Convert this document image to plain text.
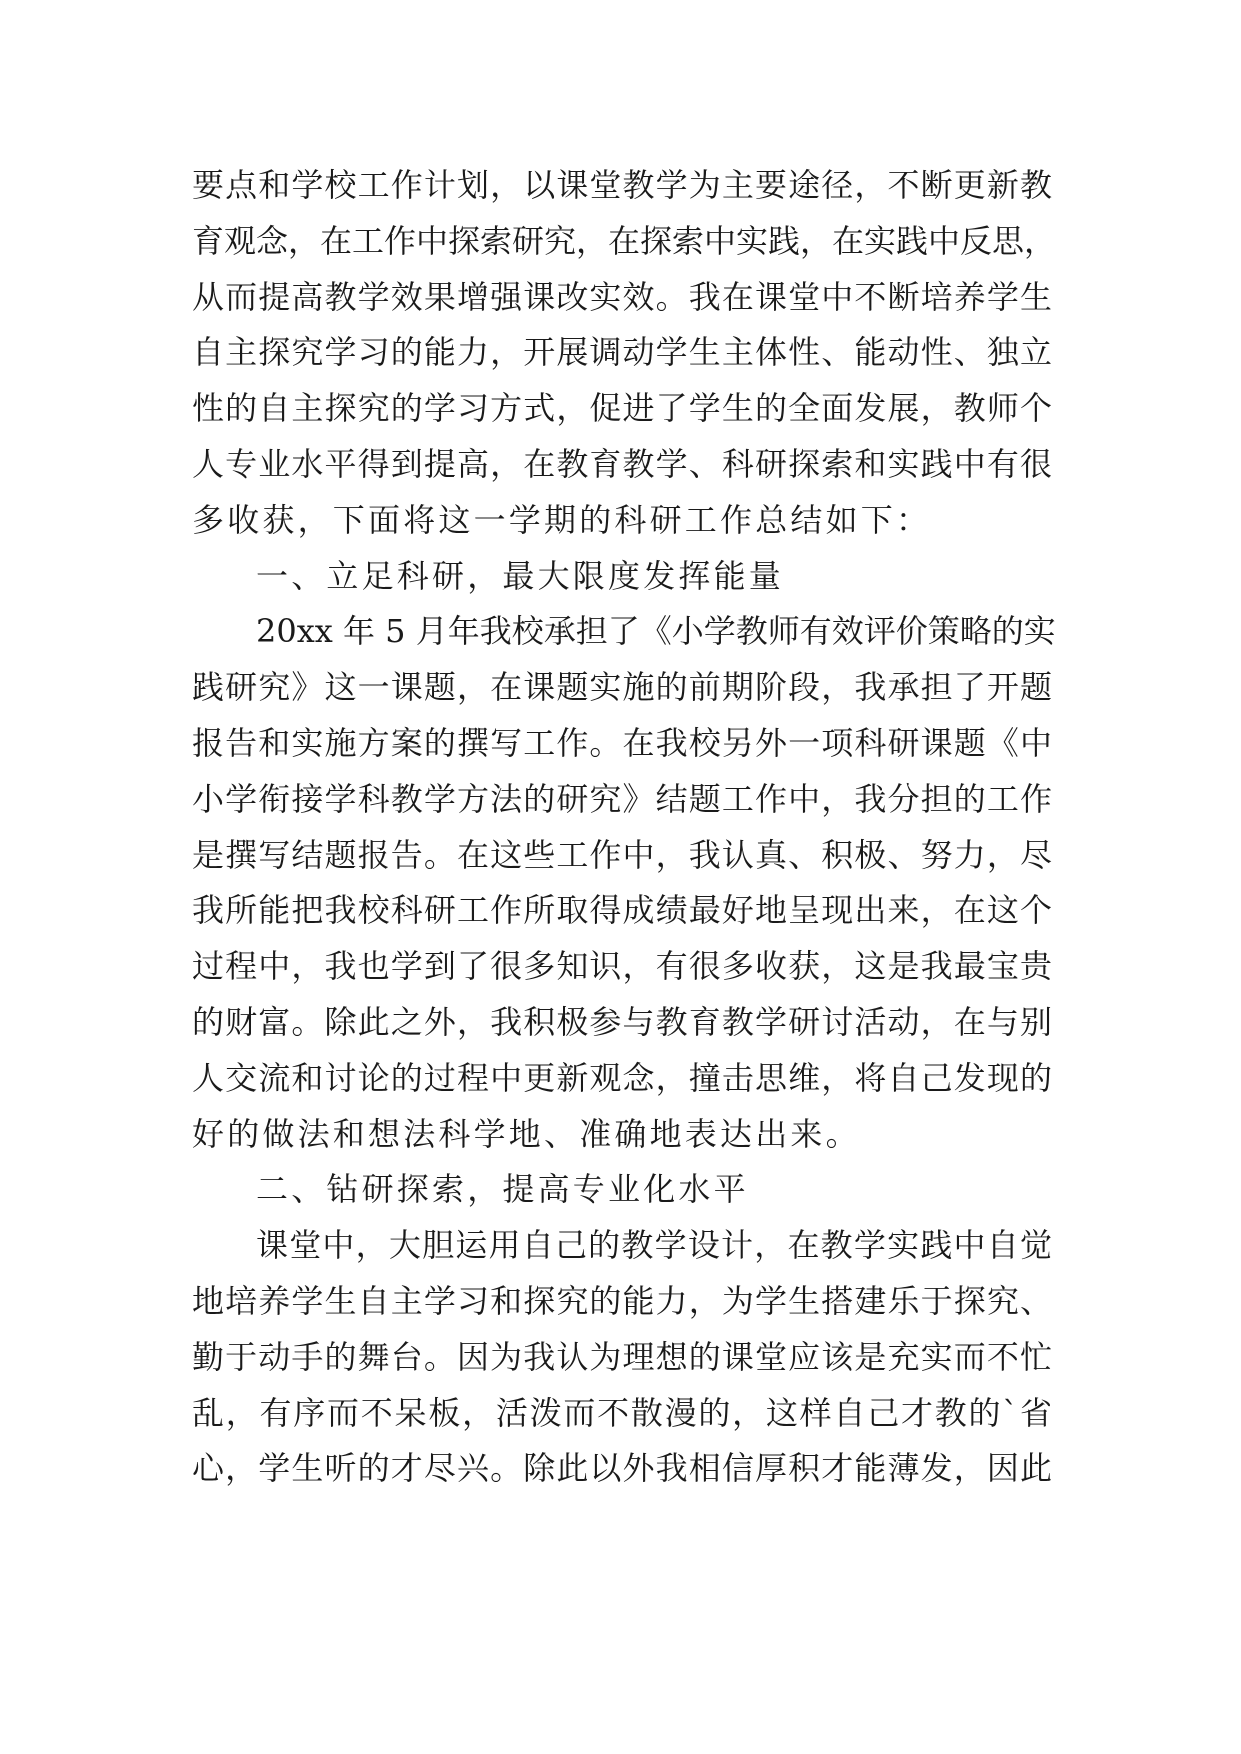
要点和学校工作计划，以课堂教学为主要途径，不断更新教
育观念，在工作中探索研究，在探索中实践，在实践中反思，
从而提高教学效果增强课改实效。我在课堂中不断培养学生
自主探究学习的能力，开展调动学生主体性、能动性、独立
性的自主探究的学习方式，促进了学生的全面发展，教师个
人专业水平得到提高，在教育教学、科研探索和实践中有很
多收获，下面将这一学期的科研工作总结如下：
一、立足科研，最大限度发挥能量
20xx 年 5 月年我校承担了《小学教师有效评价策略的实
践研究》这一课题，在课题实施的前期阶段，我承担了开题
报告和实施方案的撰写工作。在我校另外一项科研课题《中
小学衔接学科教学方法的研究》结题工作中，我分担的工作
是撰写结题报告。在这些工作中，我认真、积极、努力，尽
我所能把我校科研工作所取得成绩最好地呈现出来，在这个
过程中，我也学到了很多知识，有很多收获，这是我最宝贵
的财富。除此之外，我积极参与教育教学研讨活动，在与别
人交流和讨论的过程中更新观念，撞击思维，将自己发现的
好的做法和想法科学地、准确地表达出来。
二、钻研探索，提高专业化水平
课堂中，大胆运用自己的教学设计，在教学实践中自觉
地培养学生自主学习和探究的能力，为学生搭建乐于探究、
勤于动手的舞台。因为我认为理想的课堂应该是充实而不忙
乱，有序而不呆板，活泼而不散漫的，这样自己才教的`省
心，学生听的才尽兴。除此以外我相信厚积才能薄发，因此
